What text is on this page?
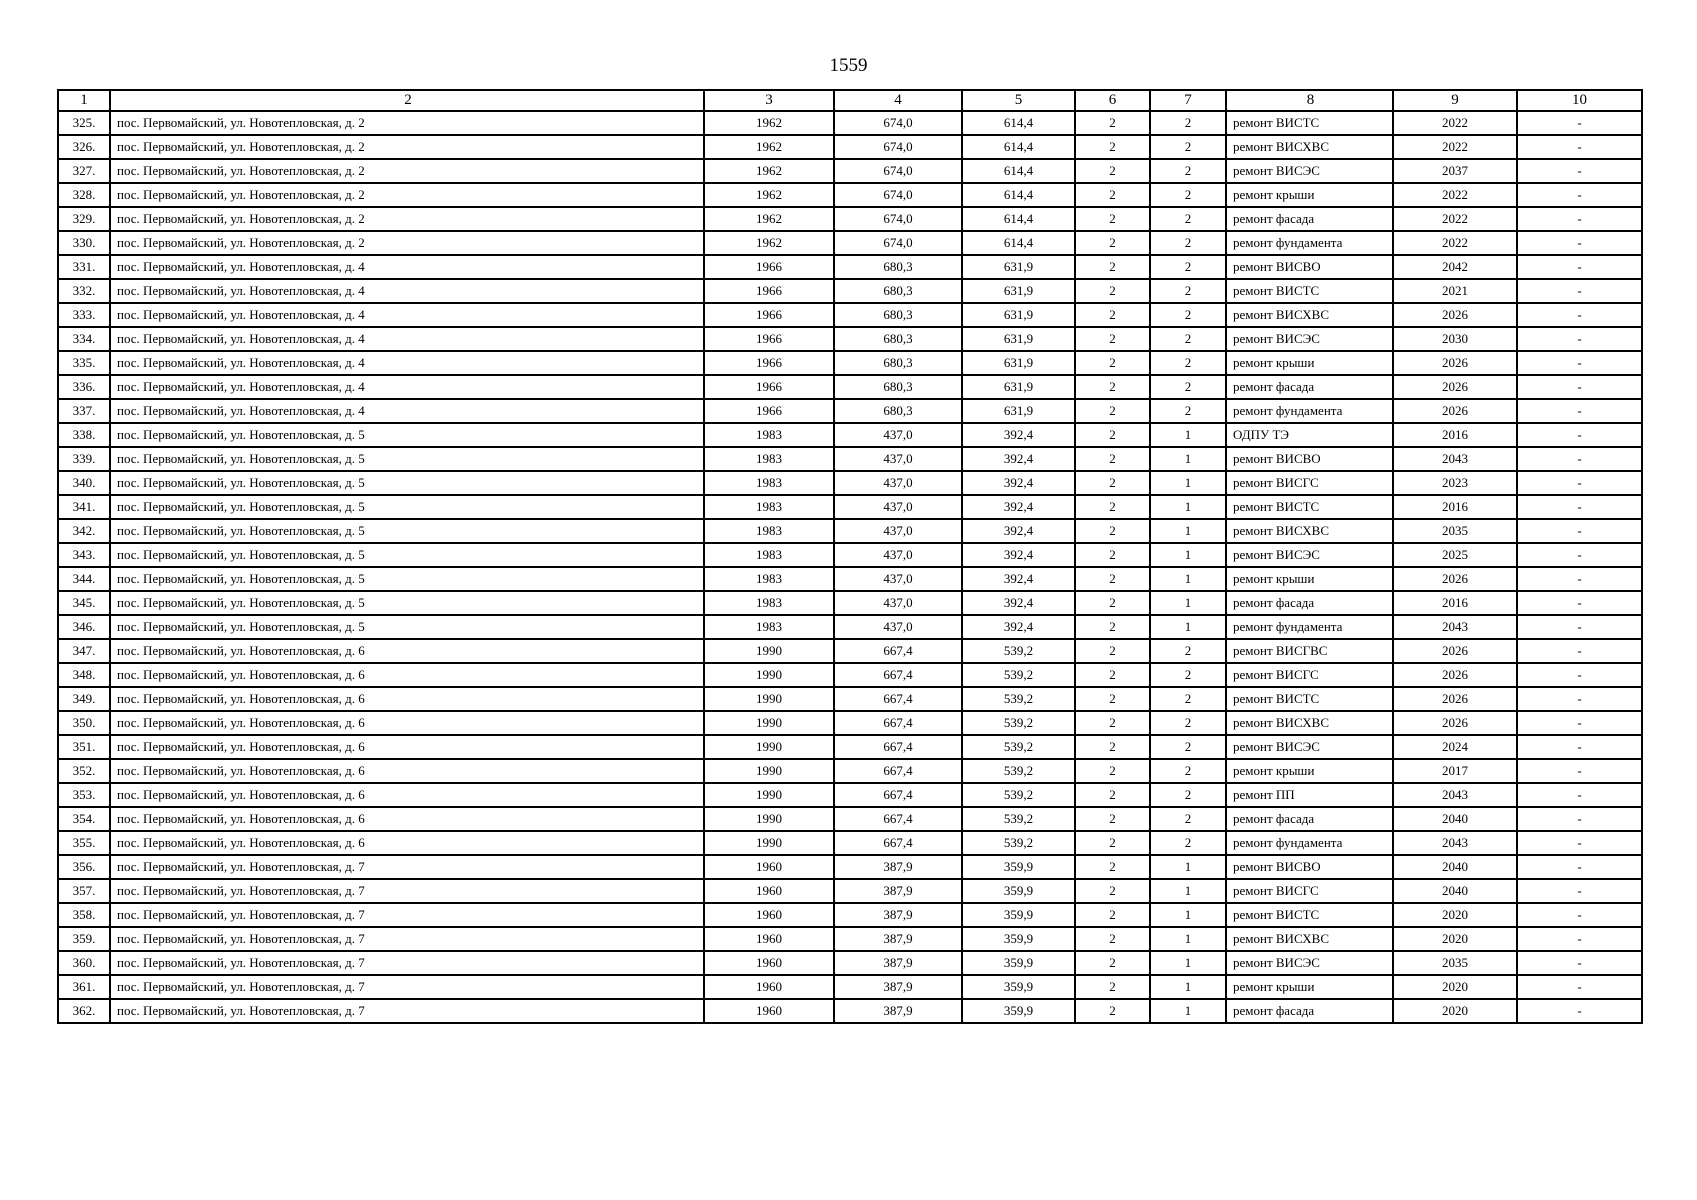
1559
1	2	3	4	5	6	7	8	9	10
325.	пос. Первомайский, ул. Новотепловская, д. 2	1962	674,0	614,4	2	2	ремонт ВИСТС	2022	-
326.	пос. Первомайский, ул. Новотепловская, д. 2	1962	674,0	614,4	2	2	ремонт ВИСХВС	2022	-
327.	пос. Первомайский, ул. Новотепловская, д. 2	1962	674,0	614,4	2	2	ремонт ВИСЭС	2037	-
328.	пос. Первомайский, ул. Новотепловская, д. 2	1962	674,0	614,4	2	2	ремонт крыши	2022	-
329.	пос. Первомайский, ул. Новотепловская, д. 2	1962	674,0	614,4	2	2	ремонт фасада	2022	-
330.	пос. Первомайский, ул. Новотепловская, д. 2	1962	674,0	614,4	2	2	ремонт фундамента	2022	-
331.	пос. Первомайский, ул. Новотепловская, д. 4	1966	680,3	631,9	2	2	ремонт ВИСВО	2042	-
332.	пос. Первомайский, ул. Новотепловская, д. 4	1966	680,3	631,9	2	2	ремонт ВИСТС	2021	-
333.	пос. Первомайский, ул. Новотепловская, д. 4	1966	680,3	631,9	2	2	ремонт ВИСХВС	2026	-
334.	пос. Первомайский, ул. Новотепловская, д. 4	1966	680,3	631,9	2	2	ремонт ВИСЭС	2030	-
335.	пос. Первомайский, ул. Новотепловская, д. 4	1966	680,3	631,9	2	2	ремонт крыши	2026	-
336.	пос. Первомайский, ул. Новотепловская, д. 4	1966	680,3	631,9	2	2	ремонт фасада	2026	-
337.	пос. Первомайский, ул. Новотепловская, д. 4	1966	680,3	631,9	2	2	ремонт фундамента	2026	-
338.	пос. Первомайский, ул. Новотепловская, д. 5	1983	437,0	392,4	2	1	ОДПУ ТЭ	2016	-
339.	пос. Первомайский, ул. Новотепловская, д. 5	1983	437,0	392,4	2	1	ремонт ВИСВО	2043	-
340.	пос. Первомайский, ул. Новотепловская, д. 5	1983	437,0	392,4	2	1	ремонт ВИСГС	2023	-
341.	пос. Первомайский, ул. Новотепловская, д. 5	1983	437,0	392,4	2	1	ремонт ВИСТС	2016	-
342.	пос. Первомайский, ул. Новотепловская, д. 5	1983	437,0	392,4	2	1	ремонт ВИСХВС	2035	-
343.	пос. Первомайский, ул. Новотепловская, д. 5	1983	437,0	392,4	2	1	ремонт ВИСЭС	2025	-
344.	пос. Первомайский, ул. Новотепловская, д. 5	1983	437,0	392,4	2	1	ремонт крыши	2026	-
345.	пос. Первомайский, ул. Новотепловская, д. 5	1983	437,0	392,4	2	1	ремонт фасада	2016	-
346.	пос. Первомайский, ул. Новотепловская, д. 5	1983	437,0	392,4	2	1	ремонт фундамента	2043	-
347.	пос. Первомайский, ул. Новотепловская, д. 6	1990	667,4	539,2	2	2	ремонт ВИСГВС	2026	-
348.	пос. Первомайский, ул. Новотепловская, д. 6	1990	667,4	539,2	2	2	ремонт ВИСГС	2026	-
349.	пос. Первомайский, ул. Новотепловская, д. 6	1990	667,4	539,2	2	2	ремонт ВИСТС	2026	-
350.	пос. Первомайский, ул. Новотепловская, д. 6	1990	667,4	539,2	2	2	ремонт ВИСХВС	2026	-
351.	пос. Первомайский, ул. Новотепловская, д. 6	1990	667,4	539,2	2	2	ремонт ВИСЭС	2024	-
352.	пос. Первомайский, ул. Новотепловская, д. 6	1990	667,4	539,2	2	2	ремонт крыши	2017	-
353.	пос. Первомайский, ул. Новотепловская, д. 6	1990	667,4	539,2	2	2	ремонт ПП	2043	-
354.	пос. Первомайский, ул. Новотепловская, д. 6	1990	667,4	539,2	2	2	ремонт фасада	2040	-
355.	пос. Первомайский, ул. Новотепловская, д. 6	1990	667,4	539,2	2	2	ремонт фундамента	2043	-
356.	пос. Первомайский, ул. Новотепловская, д. 7	1960	387,9	359,9	2	1	ремонт ВИСВО	2040	-
357.	пос. Первомайский, ул. Новотепловская, д. 7	1960	387,9	359,9	2	1	ремонт ВИСГС	2040	-
358.	пос. Первомайский, ул. Новотепловская, д. 7	1960	387,9	359,9	2	1	ремонт ВИСТС	2020	-
359.	пос. Первомайский, ул. Новотепловская, д. 7	1960	387,9	359,9	2	1	ремонт ВИСХВС	2020	-
360.	пос. Первомайский, ул. Новотепловская, д. 7	1960	387,9	359,9	2	1	ремонт ВИСЭС	2035	-
361.	пос. Первомайский, ул. Новотепловская, д. 7	1960	387,9	359,9	2	1	ремонт крыши	2020	-
362.	пос. Первомайский, ул. Новотепловская, д. 7	1960	387,9	359,9	2	1	ремонт фасада	2020	-
